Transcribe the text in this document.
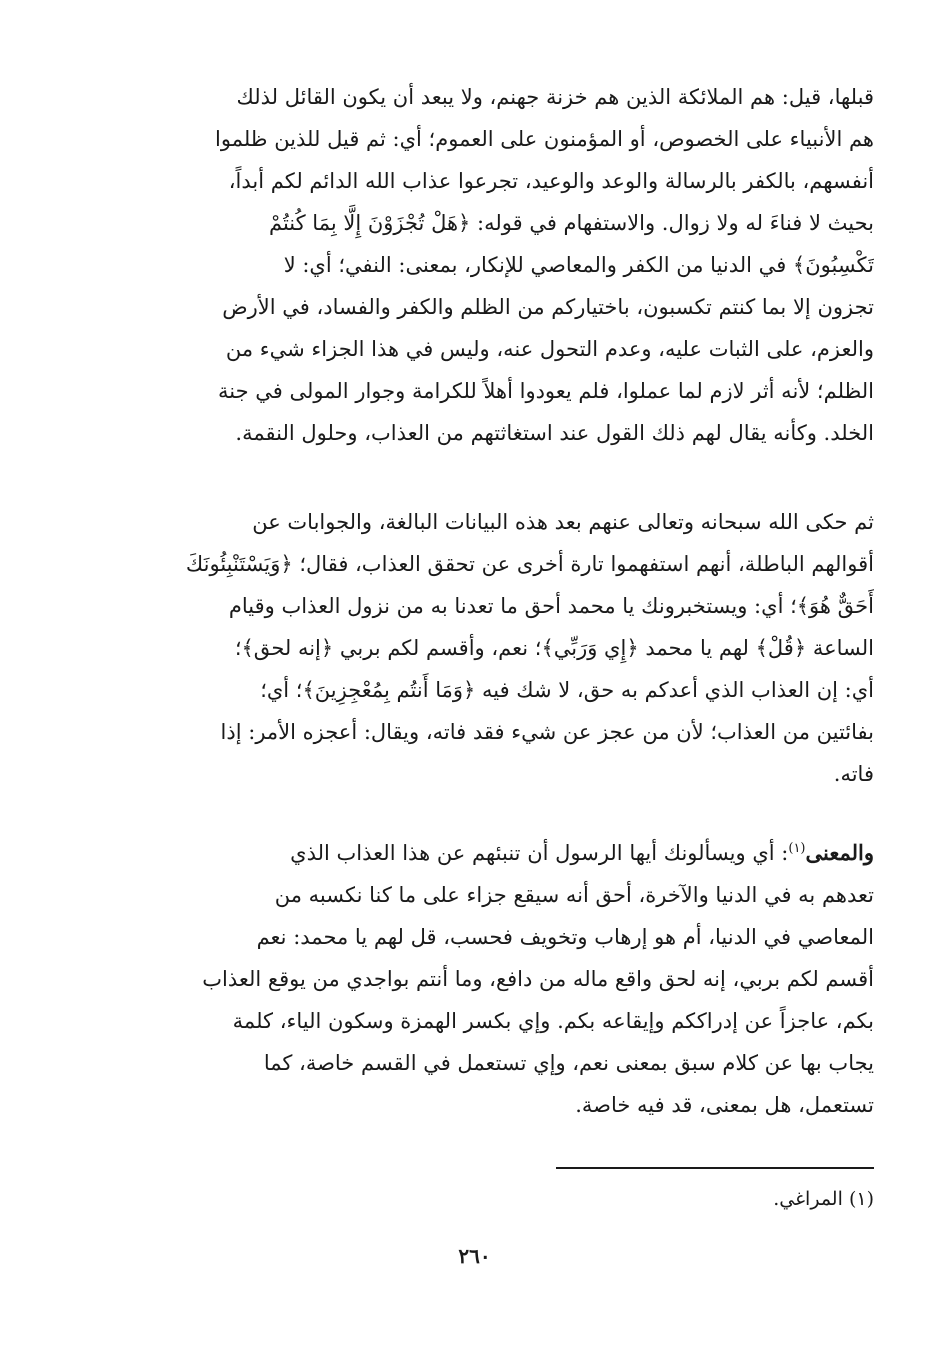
قبلها، قيل: هم الملائكة الذين هم خزنة جهنم، ولا يبعد أن يكون القائل لذلك
هم الأنبياء على الخصوص، أو المؤمنون على العموم؛ أي: ثم قيل للذين ظلموا
أنفسهم، بالكفر بالرسالة والوعد والوعيد، تجرعوا عذاب الله الدائم لكم أبداً،
بحيث لا فناءَ له ولا زوال. والاستفهام في قوله: ﴿هَلْ تُجْزَوْنَ إِلَّا بِمَا كُنتُمْ
تَكْسِبُونَ﴾ في الدنيا من الكفر والمعاصي للإنكار، بمعنى: النفي؛ أي: لا
تجزون إلا بما كنتم تكسبون، باختياركم من الظلم والكفر والفساد، في الأرض
والعزم، على الثبات عليه، وعدم التحول عنه، وليس في هذا الجزاء شيء من
الظلم؛ لأنه أثر لازم لما عملوا، فلم يعودوا أهلاً للكرامة وجوار المولى في جنة
الخلد. وكأنه يقال لهم ذلك القول عند استغاثتهم من العذاب، وحلول النقمة.
ثم حكى الله سبحانه وتعالى عنهم بعد هذه البيانات البالغة، والجوابات عن
أقوالهم الباطلة، أنهم استفهموا تارة أخرى عن تحقق العذاب، فقال؛ ﴿وَيَسْتَنْبِئُونَكَ
أَحَقٌّ هُوَ﴾؛ أي: ويستخبرونك يا محمد أحق ما تعدنا به من نزول العذاب وقيام
الساعة ﴿قُلْ﴾ لهم يا محمد ﴿إِي وَرَبِّي﴾؛ نعم، وأقسم لكم بربي ﴿إنه لحق﴾؛
أي: إن العذاب الذي أعدكم به حق، لا شك فيه ﴿وَمَا أَنتُم بِمُعْجِزِينَ﴾؛ أي؛
بفائتين من العذاب؛ لأن من عجز عن شيء فقد فاته، ويقال: أعجزه الأمر: إذا
فاته.
والمعنى$^{(١)}$: أي ويسألونك أيها الرسول أن تنبئهم عن هذا العذاب الذي
تعدهم به في الدنيا والآخرة، أحق أنه سيقع جزاء على ما كنا نكسبه من
المعاصي في الدنيا، أم هو إرهاب وتخويف فحسب، قل لهم يا محمد: نعم
أقسم لكم بربي، إنه لحق واقع ماله من دافع، وما أنتم بواجدي من يوقع العذاب
بكم، عاجزاً عن إدراككم وإيقاعه بكم. وإي بكسر الهمزة وسكون الياء، كلمة
يجاب بها عن كلام سبق بمعنى نعم، وإي تستعمل في القسم خاصة، كما
تستعمل، هل بمعنى، قد فيه خاصة.
(١) المراغي.
٢٦٠
